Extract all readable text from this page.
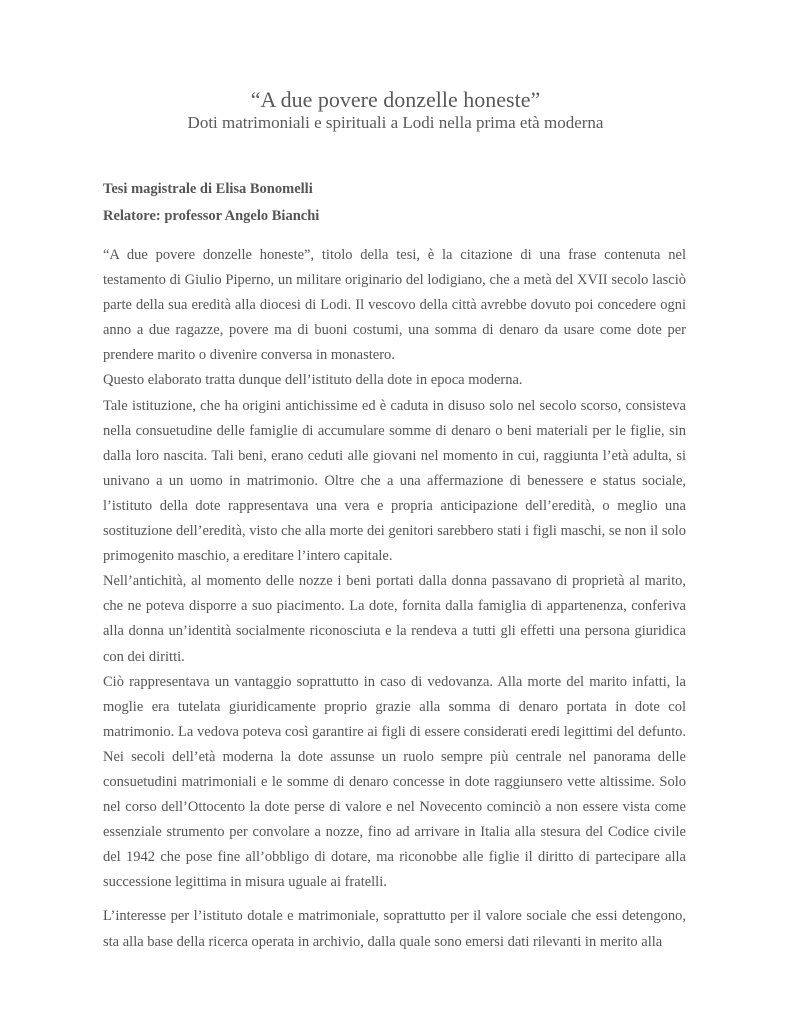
“A due povere donzelle honeste”
Doti matrimoniali e spirituali a Lodi nella prima età moderna
Tesi magistrale di Elisa Bonomelli
Relatore: professor Angelo Bianchi

“A due povere donzelle honeste”, titolo della tesi, è la citazione di una frase contenuta nel testamento di Giulio Piperno, un militare originario del lodigiano, che a metà del XVII secolo lasciò parte della sua eredità alla diocesi di Lodi. Il vescovo della città avrebbe dovuto poi concedere ogni anno a due ragazze, povere ma di buoni costumi, una somma di denaro da usare come dote per prendere marito o divenire conversa in monastero.

Questo elaborato tratta dunque dell’istituto della dote in epoca moderna.

Tale istituzione, che ha origini antichissime ed è caduta in disuso solo nel secolo scorso, consisteva nella consuetudine delle famiglie di accumulare somme di denaro o beni materiali per le figlie, sin dalla loro nascita. Tali beni, erano ceduti alle giovani nel momento in cui, raggiunta l’età adulta, si univano a un uomo in matrimonio. Oltre che a una affermazione di benessere e status sociale, l’istituto della dote rappresentava una vera e propria anticipazione dell’eredità, o meglio una sostituzione dell’eredità, visto che alla morte dei genitori sarebbero stati i figli maschi, se non il solo primogenito maschio, a ereditare l’intero capitale.

Nell’antichità, al momento delle nozze i beni portati dalla donna passavano di proprietà al marito, che ne poteva disporre a suo piacimento. La dote, fornita dalla famiglia di appartenenza, conferiva alla donna un’identità socialmente riconosciuta e la rendeva a tutti gli effetti una persona giuridica con dei diritti.

Ciò rappresentava un vantaggio soprattutto in caso di vedovanza. Alla morte del marito infatti, la moglie era tutelata giuridicamente proprio grazie alla somma di denaro portata in dote col matrimonio. La vedova poteva così garantire ai figli di essere considerati eredi legittimi del defunto. Nei secoli dell’età moderna la dote assunse un ruolo sempre più centrale nel panorama delle consuetudini matrimoniali e le somme di denaro concesse in dote raggiunsero vette altissime. Solo nel corso dell’Ottocento la dote perse di valore e nel Novecento cominciò a non essere vista come essenziale strumento per convolare a nozze, fino ad arrivare in Italia alla stesura del Codice civile del 1942 che pose fine all’obbligo di dotare, ma riconobbe alle figlie il diritto di partecipare alla successione legittima in misura uguale ai fratelli.

L’interesse per l’istituto dotale e matrimoniale, soprattutto per il valore sociale che essi detengono, sta alla base della ricerca operata in archivio, dalla quale sono emersi dati rilevanti in merito alla
